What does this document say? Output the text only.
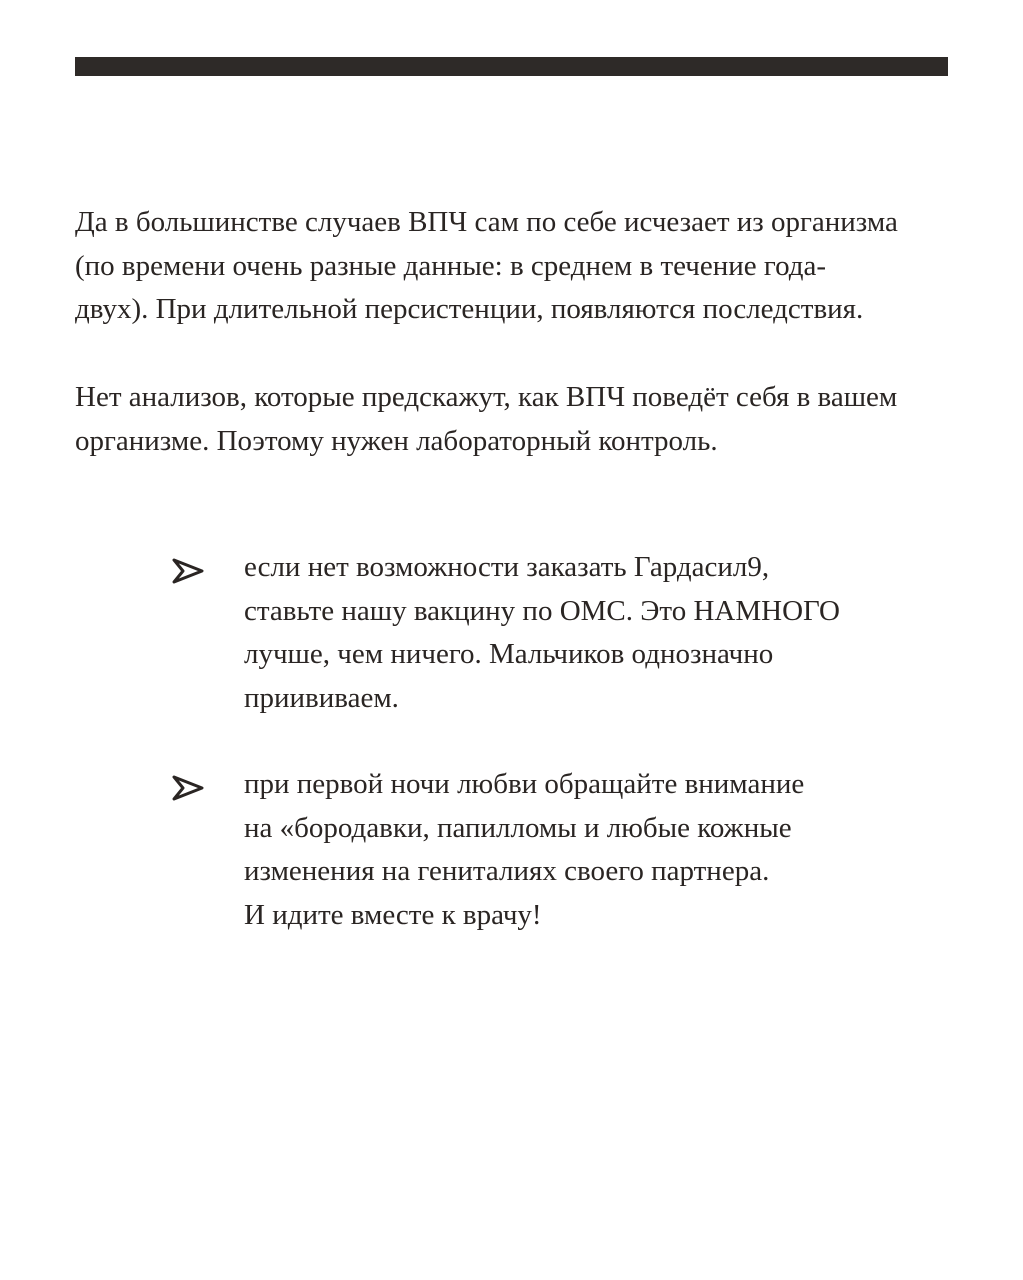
Да в большинстве случаев ВПЧ сам по себе исчезает из организма
(по времени очень разные данные: в среднем в течение года-
двух). При длительной персистенции, появляются последствия.

Нет анализов, которые предскажут, как ВПЧ поведёт себя в вашем
организме. Поэтому нужен лабораторный контроль.

если нет возможности заказать Гардасил9,
ставьте нашу вакцину по ОМС. Это НАМНОГО
лучше, чем ничего. Мальчиков однозначно
приививаем.

при первой ночи любви обращайте внимание
на «бородавки, папилломы и любые кожные
изменения на гениталиях своего партнера.
И идите вместе к врачу!
